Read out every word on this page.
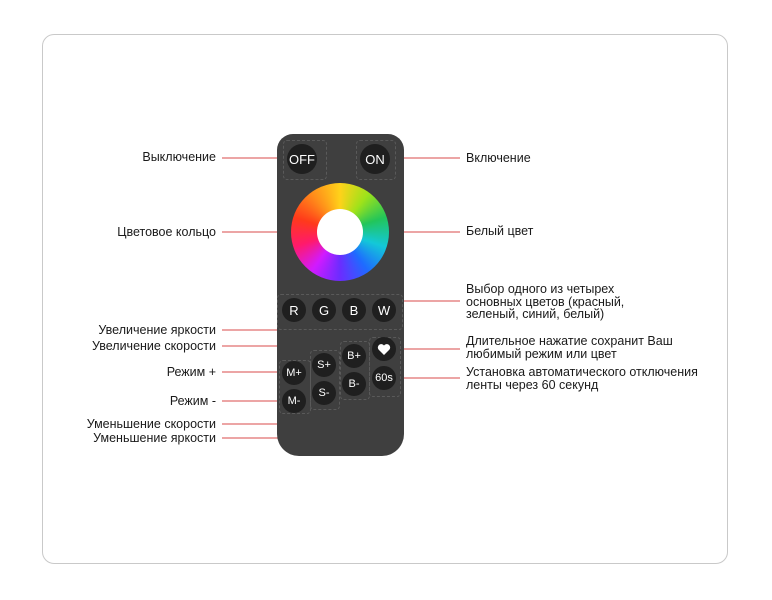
OFF	ON
R	G	B	W
M+
M-
S+
S-
B+
B-	60s
Выключение
Цветовое кольцо
Увеличение яркости
Увеличение скорости
Режим +
Режим -
Уменьшение скорости
Уменьшение яркости
Включение
Белый цвет
Выбор одного из четырех основных цветов (красный, зеленый, синий, белый)
Длительное нажатие сохранит Ваш любимый режим или цвет
Установка автоматического отключения ленты через 60 секунд
